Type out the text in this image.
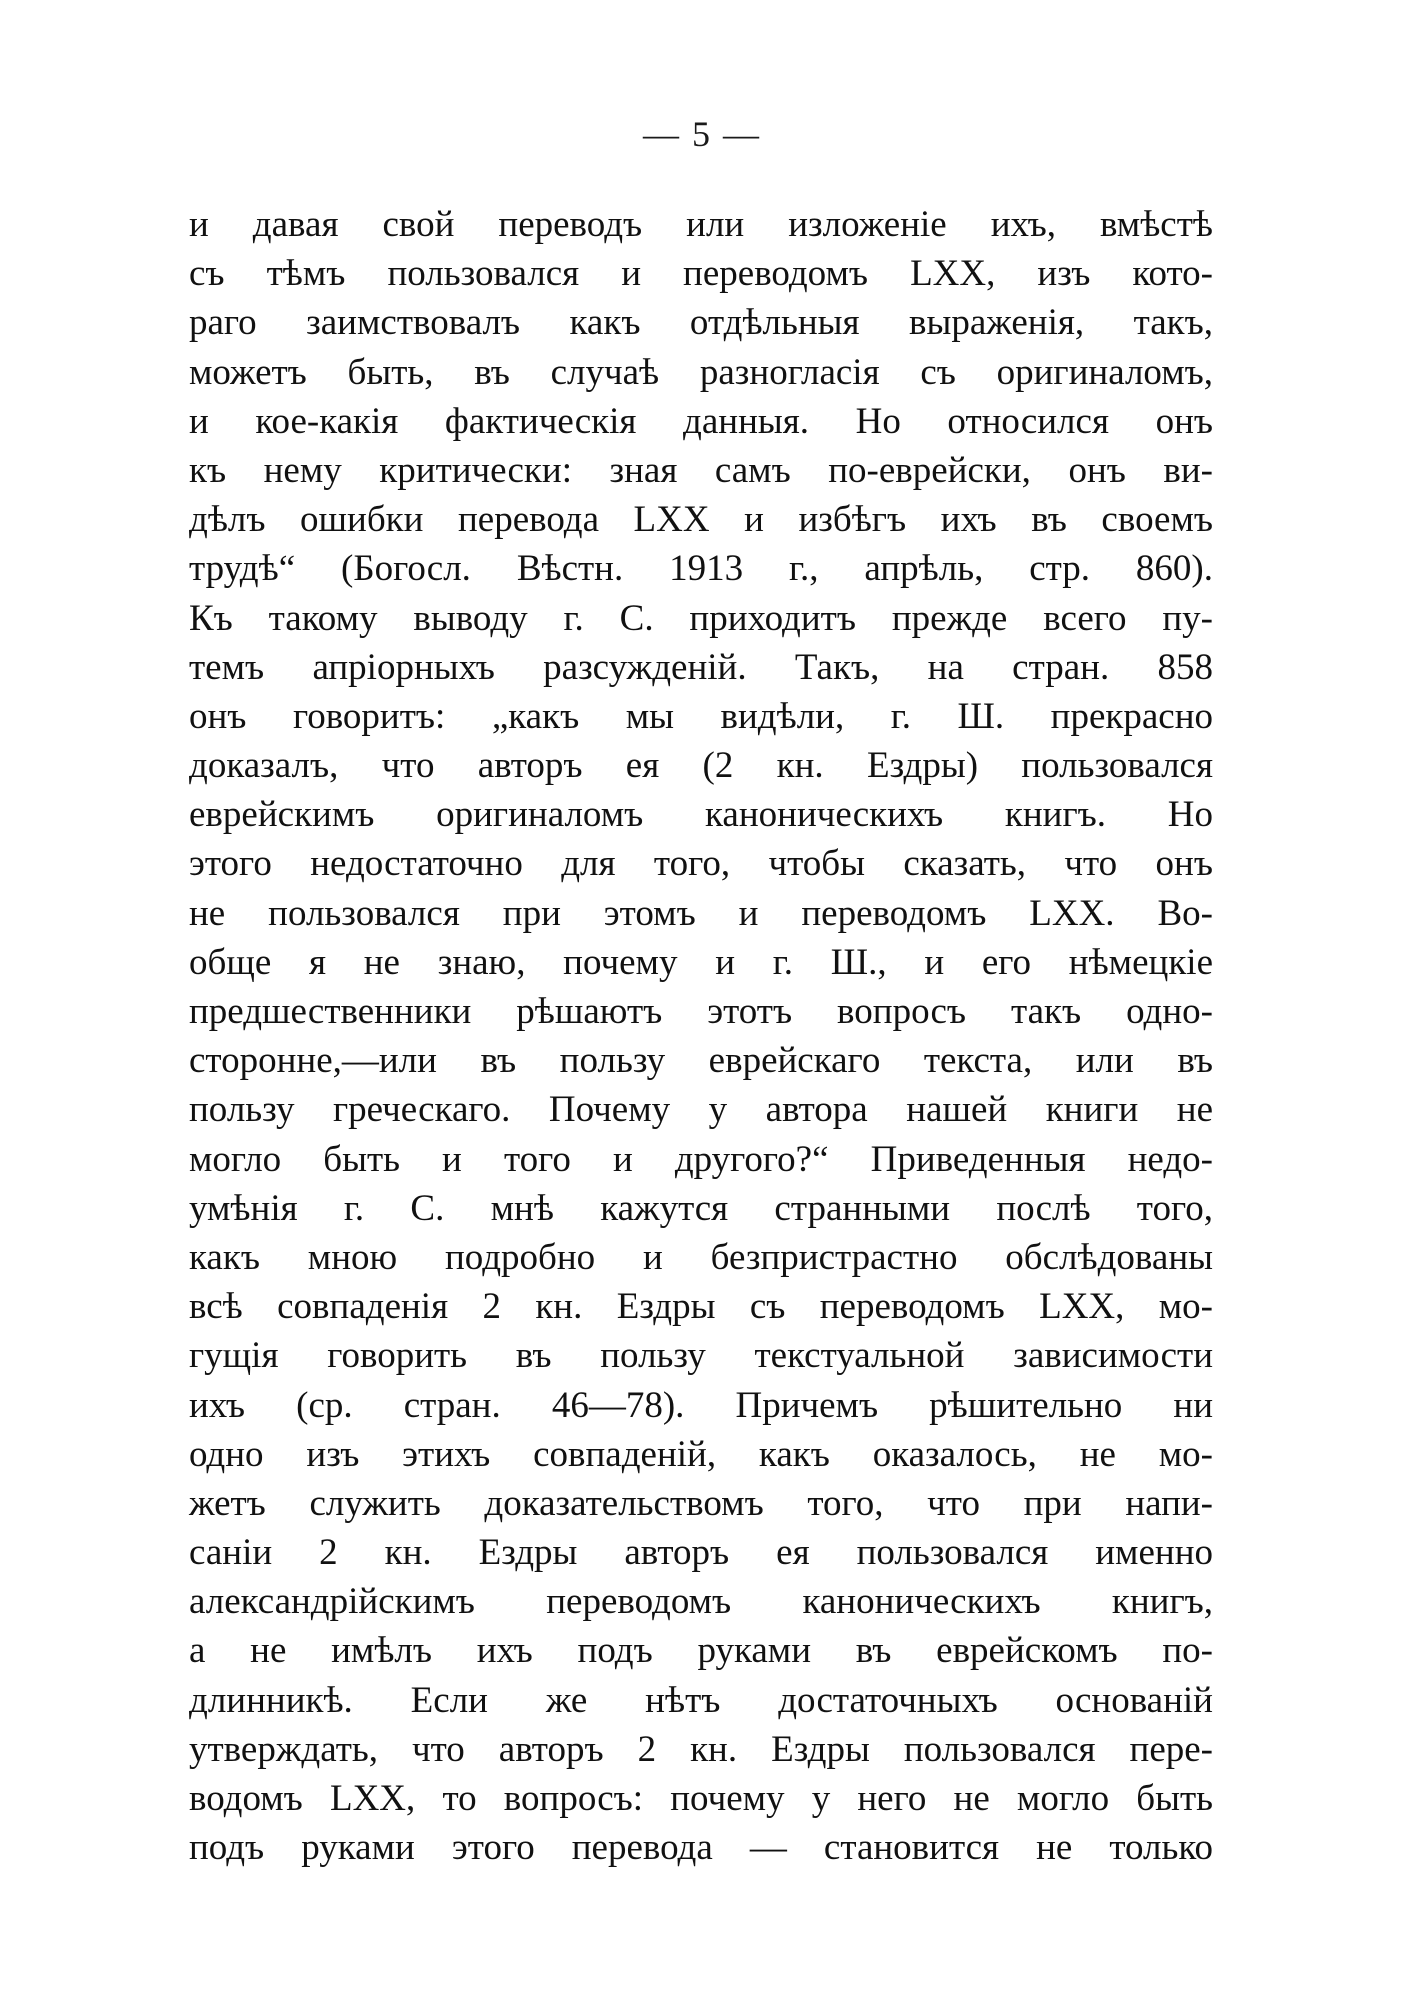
— 5 —
и давая свой переводъ или изложенiе ихъ, вмѣстѣ
съ тѣмъ пользовался и переводомъ LXX, изъ кото-
раго заимствовалъ какъ отдѣльныя выраженiя, такъ,
можетъ быть, въ случаѣ разногласiя съ оригиналомъ,
и кое-какiя фактическiя данныя. Но относился онъ
къ нему критически: зная самъ по-еврейски, онъ ви-
дѣлъ ошибки перевода LXX и избѣгъ ихъ въ своемъ
трудѣ“ (Богосл. Вѣстн. 1913 г., апрѣль, стр. 860).
Къ такому выводу г. С. приходитъ прежде всего пу-
темъ апрiорныхъ разсужденiй. Такъ, на стран. 858
онъ говоритъ: „какъ мы видѣли, г. Ш. прекрасно
доказалъ, что авторъ ея (2 кн. Ездры) пользовался
еврейскимъ оригиналомъ каноническихъ книгъ. Но
этого недостаточно для того, чтобы сказать, что онъ
не пользовался при этомъ и переводомъ LXX. Во-
обще я не знаю, почему и г. Ш., и его нѣмецкiе
предшественники рѣшаютъ этотъ вопросъ такъ одно-
сторонне,—или въ пользу еврейскаго текста, или въ
пользу греческаго. Почему у автора нашей книги не
могло быть и того и другого?“ Приведенныя недо-
умѣнiя г. С. мнѣ кажутся странными послѣ того,
какъ мною подробно и безпристрастно обслѣдованы
всѣ совпаденiя 2 кн. Ездры съ переводомъ LXX, мо-
гущiя говорить въ пользу текстуальной зависимости
ихъ (ср. стран. 46—78). Причемъ рѣшительно ни
одно изъ этихъ совпаденiй, какъ оказалось, не мо-
жетъ служить доказательствомъ того, что при напи-
санiи 2 кн. Ездры авторъ ея пользовался именно
александрiйскимъ переводомъ каноническихъ книгъ,
а не имѣлъ ихъ подъ руками въ еврейскомъ по-
длинникѣ. Если же нѣтъ достаточныхъ основанiй
утверждать, что авторъ 2 кн. Ездры пользовался пере-
водомъ LXX, то вопросъ: почему у него не могло быть
подъ руками этого перевода — становится не только
